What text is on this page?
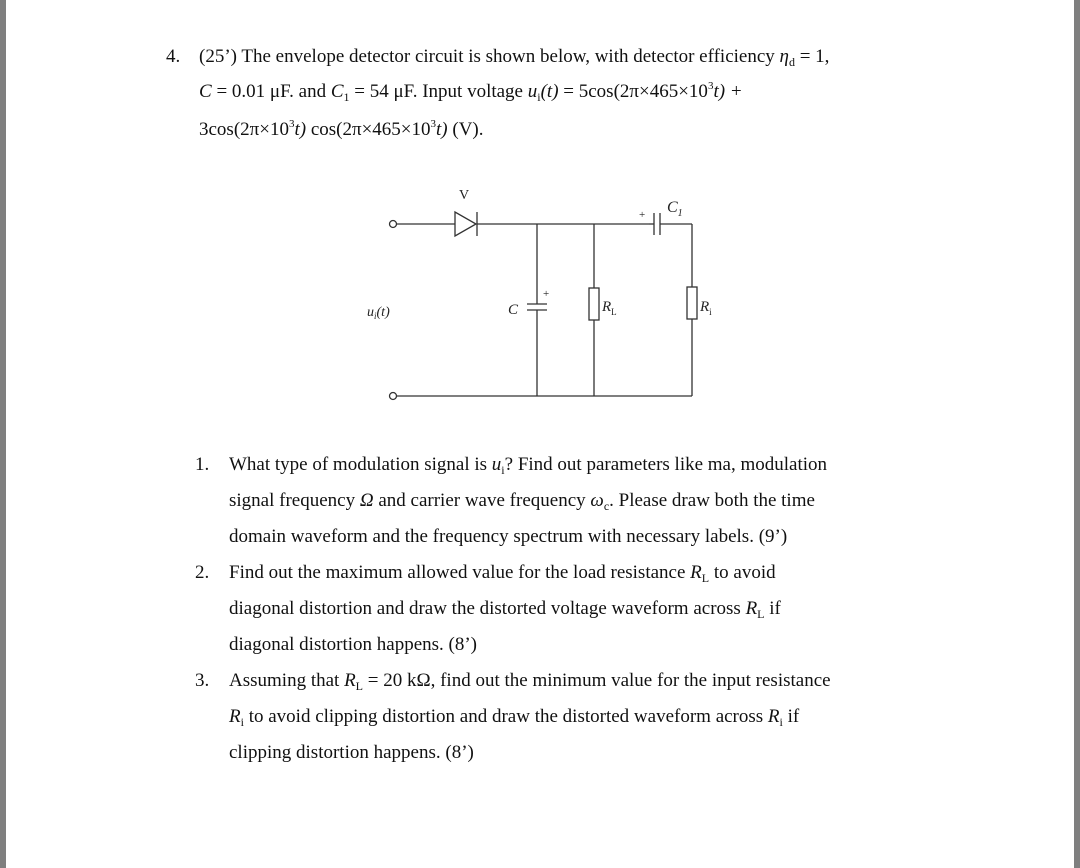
4. (25’) The envelope detector circuit is shown below, with detector efficiency $\eta_d = 1$,
C = 0.01 μF. and $C_1 = 54$ μF. Input voltage $u_i(t) = 5\cos(2\pi\times 465\times 10^3t)$ +
$3\cos(2\pi\times 10^3t)$ $\cos(2\pi\times 465\times 10^3t)$ (V).
V
+ $C_1$
$u_i(t)$	C
+
$R_L$	$R_i$
1. What type of modulation signal is $u_i$? Find out parameters like ma, modulation
signal frequency Ω and carrier wave frequency $\omega_c$. Please draw both the time
domain waveform and the frequency spectrum with necessary labels. (9’)
2. Find out the maximum allowed value for the load resistance $R_L$ to avoid
diagonal distortion and draw the distorted voltage waveform across $R_L$ if
diagonal distortion happens. (8’)
3. Assuming that $R_L = 20$ kΩ, find out the minimum value for the input resistance
$R_i$ to avoid clipping distortion and draw the distorted waveform across $R_i$ if
clipping distortion happens. (8’)
